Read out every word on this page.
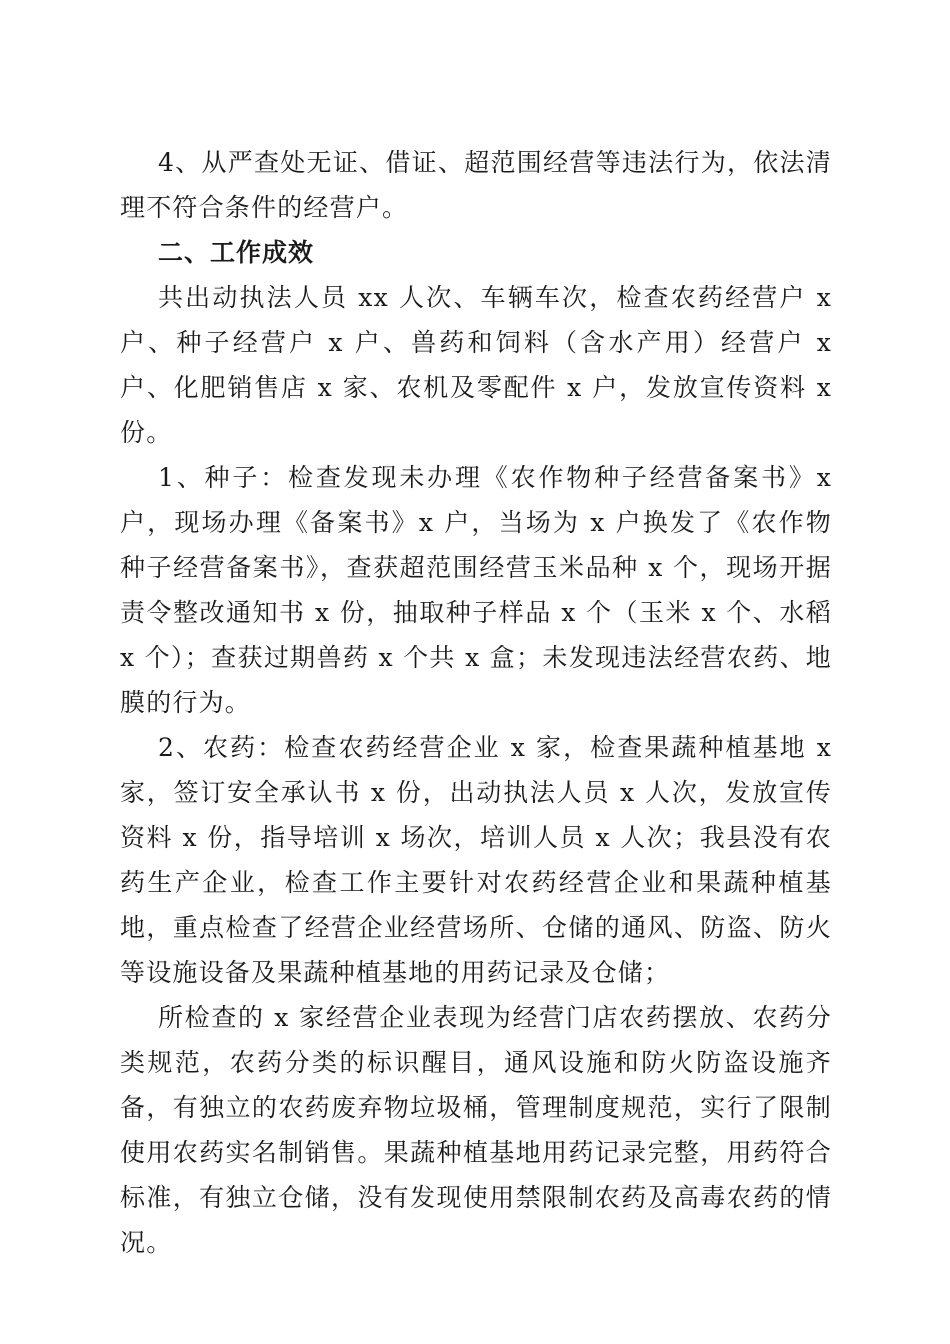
4、从严查处无证、借证、超范围经营等违法行为，依法清理不符合条件的经营户。

二、工作成效

共出动执法人员 xx 人次、车辆车次，检查农药经营户 x 户、种子经营户 x 户、兽药和饲料（含水产用）经营户 x 户、化肥销售店 x 家、农机及零配件 x 户，发放宣传资料 x 份。

1、种子：检查发现未办理《农作物种子经营备案书》x 户，现场办理《备案书》x 户，当场为 x 户换发了《农作物种子经营备案书》，查获超范围经营玉米品种 x 个，现场开据责令整改通知书 x 份，抽取种子样品 x 个（玉米 x 个、水稻 x 个）；查获过期兽药 x 个共 x 盒；未发现违法经营农药、地膜的行为。

2、农药：检查农药经营企业 x 家，检查果蔬种植基地 x 家，签订安全承认书 x 份，出动执法人员 x 人次，发放宣传资料 x 份，指导培训 x 场次，培训人员 x 人次；我县没有农药生产企业，检查工作主要针对农药经营企业和果蔬种植基地，重点检查了经营企业经营场所、仓储的通风、防盗、防火等设施设备及果蔬种植基地的用药记录及仓储；

所检查的 x 家经营企业表现为经营门店农药摆放、农药分类规范，农药分类的标识醒目，通风设施和防火防盗设施齐备，有独立的农药废弃物垃圾桶，管理制度规范，实行了限制使用农药实名制销售。果蔬种植基地用药记录完整，用药符合标准，有独立仓储，没有发现使用禁限制农药及高毒农药的情况。
